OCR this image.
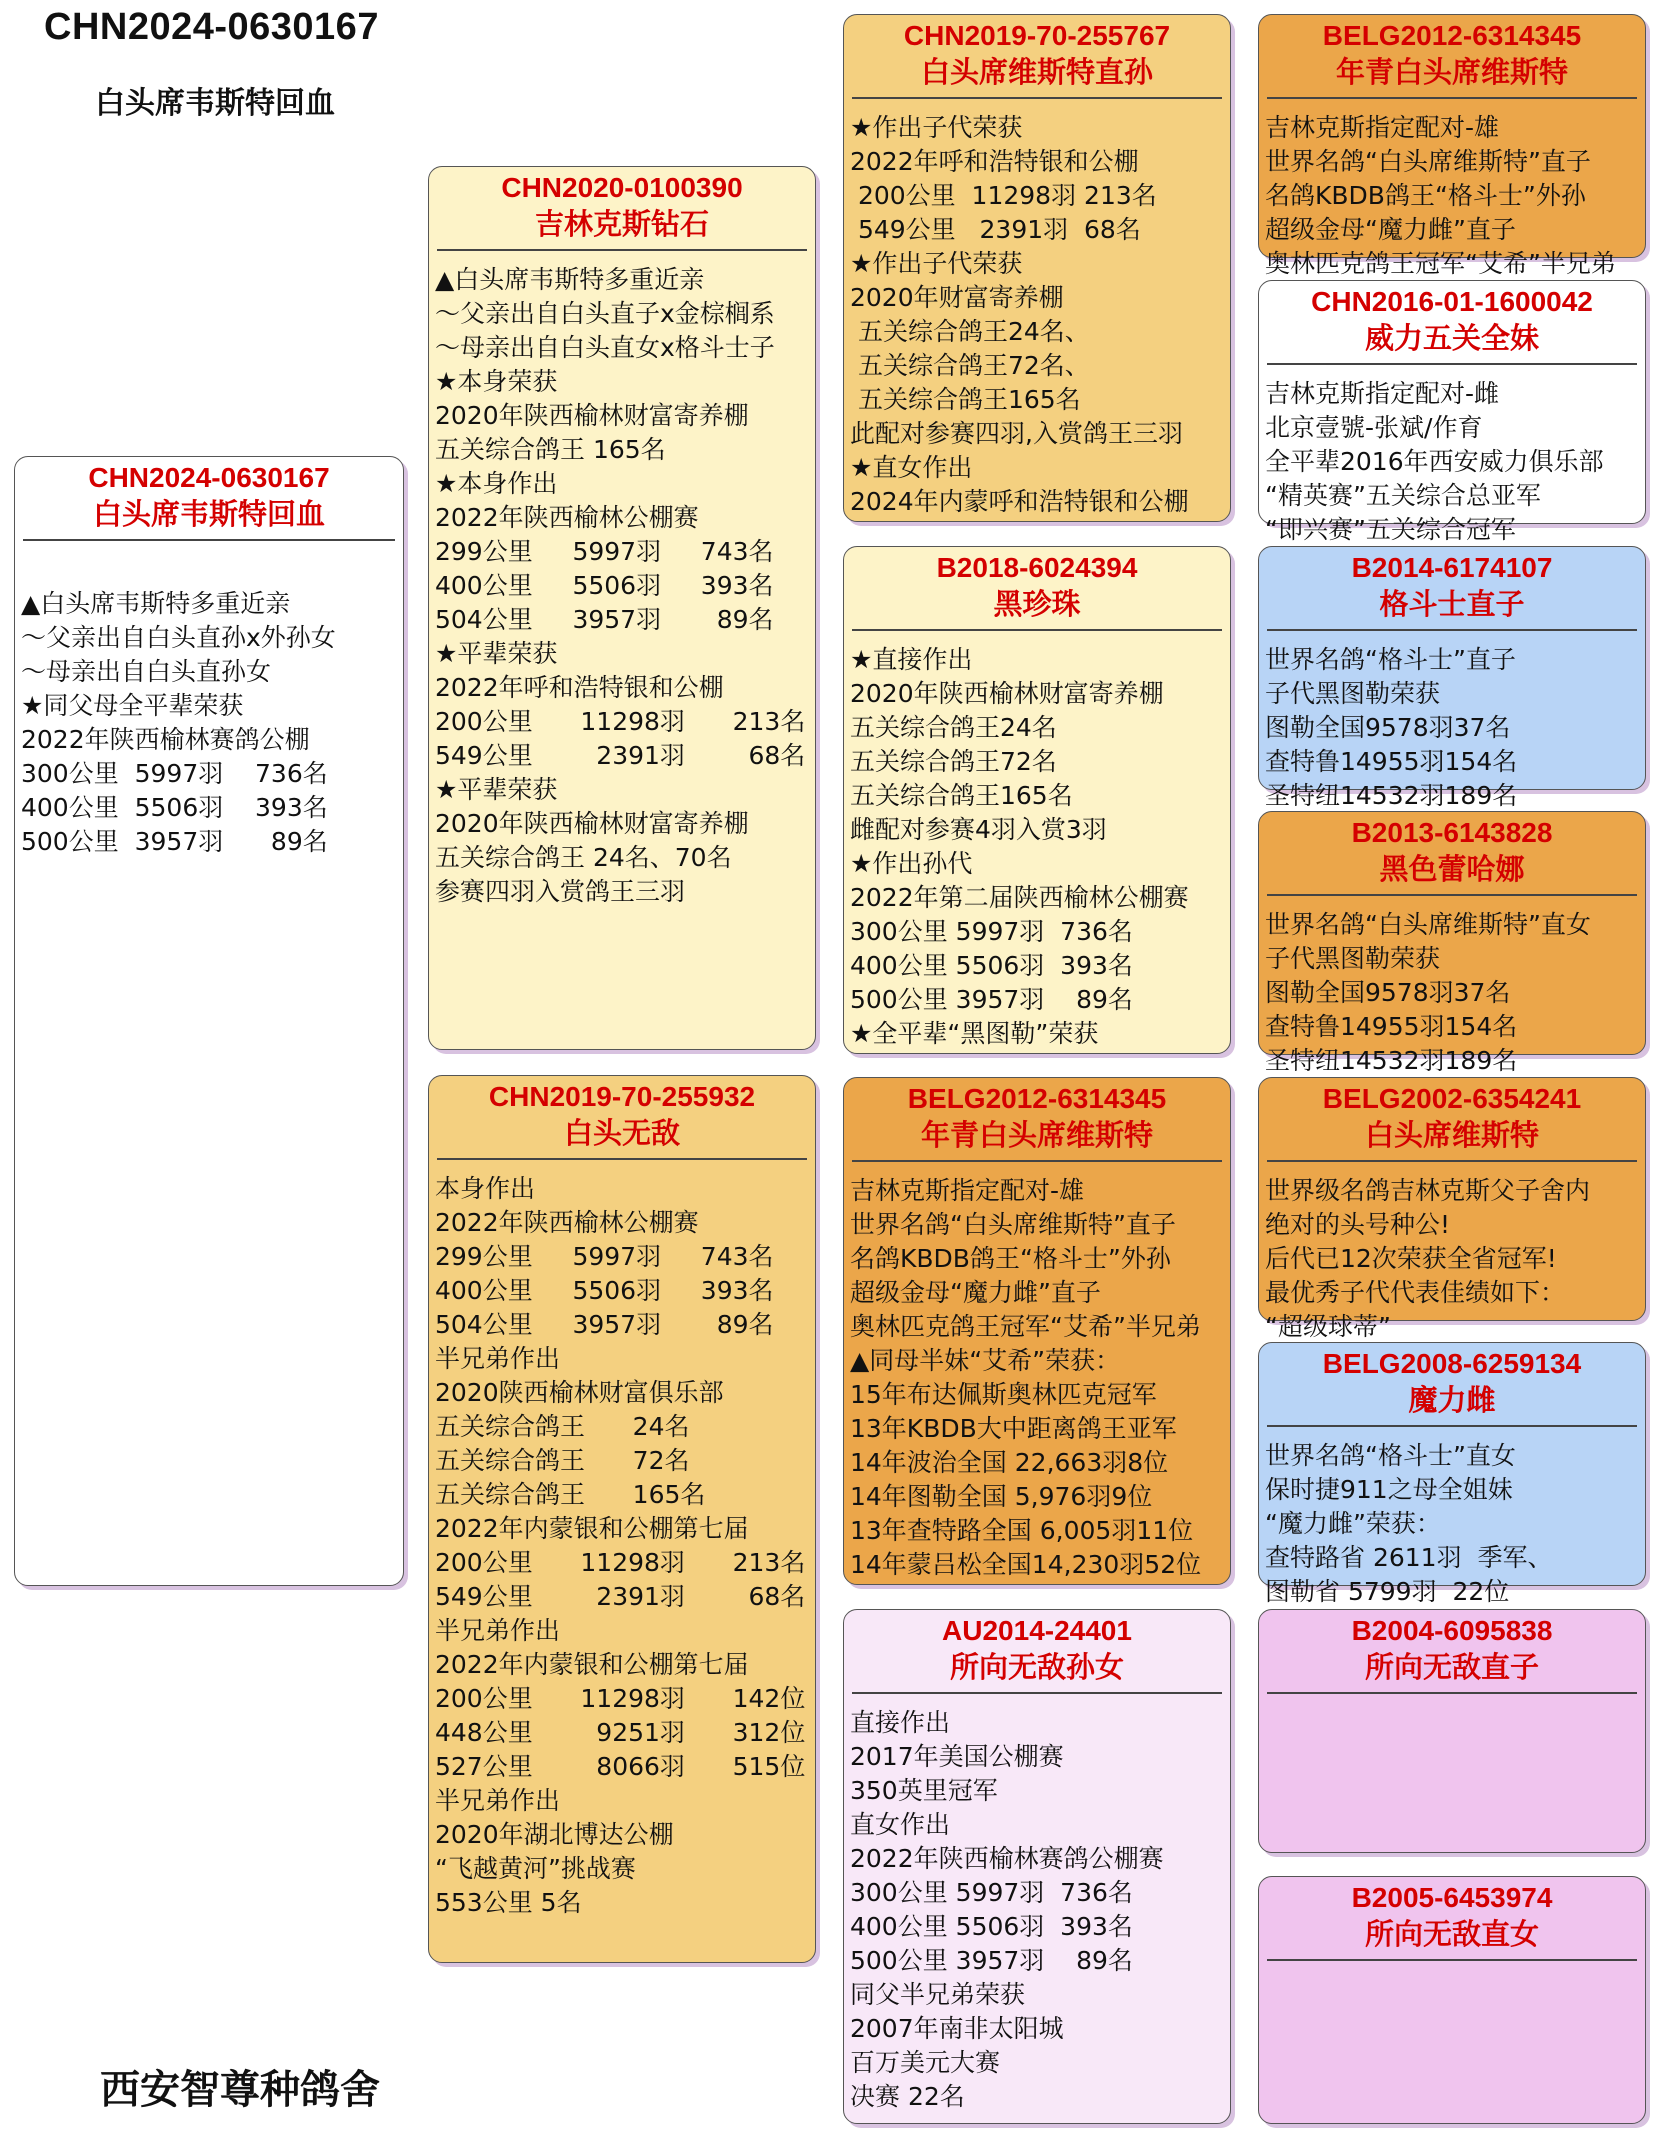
CHN2024-0630167
白头席韦斯特回血
西安智尊种鸽舍
CHN2024-0630167
白头席韦斯特回血
▲白头席韦斯特多重近亲
～父亲出自白头直孙x外孙女
～母亲出自白头直孙女
★同父母全平辈荣获
2022年陕西榆林赛鸽公棚
300公里  5997羽    736名
400公里  5506羽    393名
500公里  3957羽      89名
CHN2020-0100390
吉林克斯钻石
▲白头席韦斯特多重近亲
～父亲出自白头直子x金棕榈系
～母亲出自白头直女x格斗士子
★本身荣获
2020年陕西榆林财富寄养棚
五关综合鸽王 165名
★本身作出
2022年陕西榆林公棚赛
299公里     5997羽     743名
400公里     5506羽     393名
504公里     3957羽       89名
★平辈荣获
2022年呼和浩特银和公棚
200公里      11298羽      213名
549公里        2391羽        68名
★平辈荣获
2020年陕西榆林财富寄养棚
五关综合鸽王 24名、70名
参赛四羽入赏鸽王三羽
CHN2019-70-255932
白头无敌
本身作出
2022年陕西榆林公棚赛
299公里     5997羽     743名
400公里     5506羽     393名
504公里     3957羽       89名
半兄弟作出
2020陕西榆林财富俱乐部
五关综合鸽王      24名
五关综合鸽王      72名
五关综合鸽王      165名
2022年内蒙银和公棚第七届
200公里      11298羽      213名
549公里        2391羽        68名
半兄弟作出
2022年内蒙银和公棚第七届
200公里      11298羽      142位
448公里        9251羽      312位
527公里        8066羽      515位
半兄弟作出
2020年湖北博达公棚
“飞越黄河”挑战赛
553公里 5名
CHN2019-70-255767
白头席维斯特直孙
★作出子代荣获
2022年呼和浩特银和公棚
200公里  11298羽 213名
549公里   2391羽  68名
★作出子代荣获
2020年财富寄养棚
五关综合鸽王24名、
五关综合鸽王72名、
五关综合鸽王165名
此配对参赛四羽,入赏鸽王三羽
★直女作出
2024年内蒙呼和浩特银和公棚
B2018-6024394
黑珍珠
★直接作出
2020年陕西榆林财富寄养棚
五关综合鸽王24名
五关综合鸽王72名
五关综合鸽王165名
雌配对参赛4羽入赏3羽
★作出孙代
2022年第二届陕西榆林公棚赛
300公里 5997羽  736名
400公里 5506羽  393名
500公里 3957羽    89名
★全平辈“黑图勒”荣获
BELG2012-6314345
年青白头席维斯特
吉林克斯指定配对-雄
世界名鸽“白头席维斯特”直子
名鸽KBDB鸽王“格斗士”外孙
超级金母“魔力雌”直子
奥林匹克鸽王冠军“艾希”半兄弟
▲同母半妹“艾希”荣获：
15年布达佩斯奥林匹克冠军
13年KBDB大中距离鸽王亚军
14年波治全国 22,663羽8位
14年图勒全国 5,976羽9位
13年查特路全国 6,005羽11位
14年蒙吕松全国14,230羽52位
AU2014-24401
所向无敌孙女
直接作出
2017年美国公棚赛
350英里冠军
直女作出
2022年陕西榆林赛鸽公棚赛
300公里 5997羽  736名
400公里 5506羽  393名
500公里 3957羽    89名
同父半兄弟荣获
2007年南非太阳城
百万美元大赛
决赛 22名
BELG2012-6314345
年青白头席维斯特
吉林克斯指定配对-雄
世界名鸽“白头席维斯特”直子
名鸽KBDB鸽王“格斗士”外孙
超级金母“魔力雌”直子
奥林匹克鸽王冠军“艾希”半兄弟
CHN2016-01-1600042
威力五关全妹
吉林克斯指定配对-雌
北京壹號-张斌/作育
全平辈2016年西安威力俱乐部
“精英赛”五关综合总亚军
“即兴赛”五关综合冠军
B2014-6174107
格斗士直子
世界名鸽“格斗士”直子
子代黑图勒荣获
图勒全国9578羽37名
查特鲁14955羽154名
圣特纽14532羽189名
B2013-6143828
黑色蕾哈娜
世界名鸽“白头席维斯特”直女
子代黑图勒荣获
图勒全国9578羽37名
查特鲁14955羽154名
圣特纽14532羽189名
BELG2002-6354241
白头席维斯特
世界级名鸽吉林克斯父子舍内
绝对的头号种公!
后代已12次荣获全省冠军!
最优秀子代代表佳绩如下：
“超级球蒂”
BELG2008-6259134
魔力雌
世界名鸽“格斗士”直女
保时捷911之母全姐妹
“魔力雌”荣获：
查特路省 2611羽  季军、
图勒省 5799羽  22位
B2004-6095838
所向无敌直子
B2005-6453974
所向无敌直女
